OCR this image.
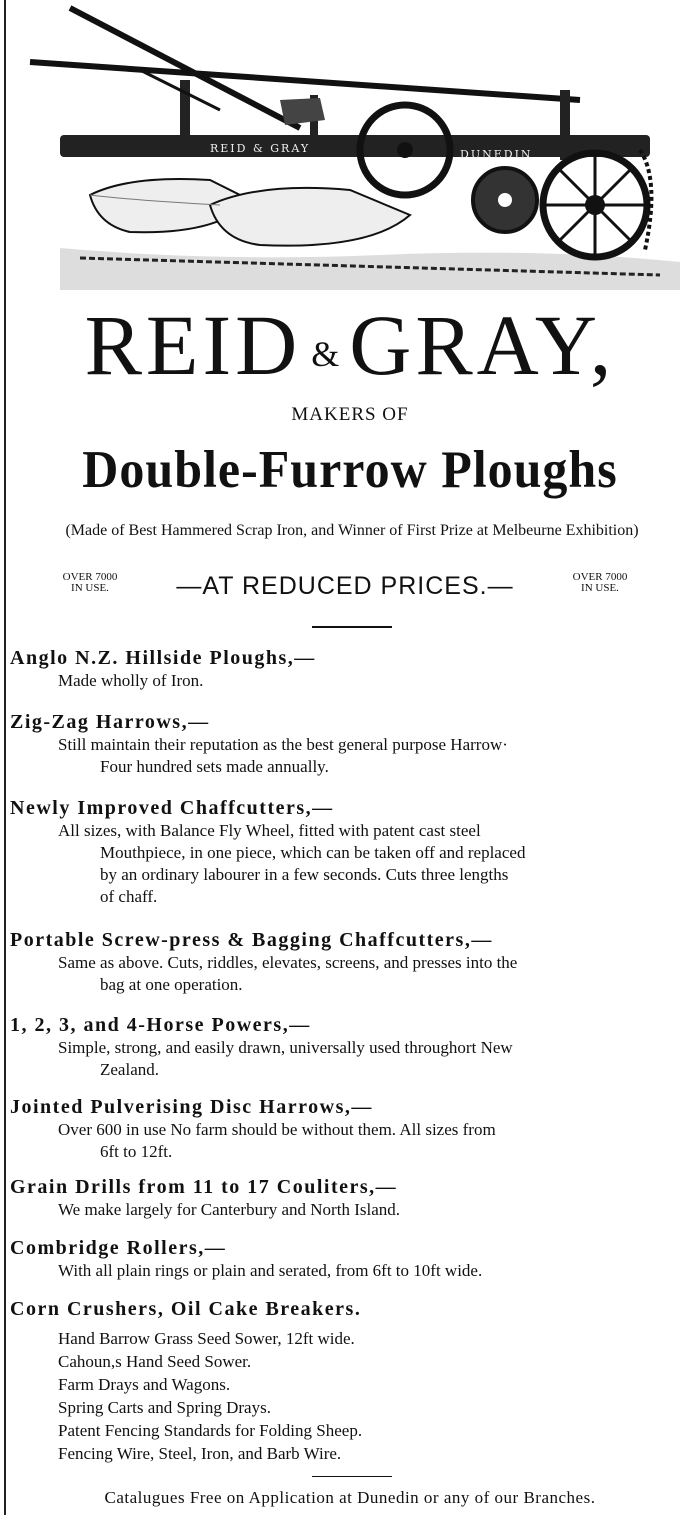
REID & GRAY	DUNEDIN
REID & GRAY,
MAKERS OF
Double-Furrow Ploughs
(Made of Best Hammered Scrap Iron, and Winner of First Prize at Melbeurne Exhibition)
OVER 7000
IN USE.	—AT REDUCED PRICES.—	OVER 7000
IN USE.
Anglo N.Z. Hillside Ploughs,—
Made wholly of Iron.
Zig-Zag Harrows,—
Still maintain their reputation as the best general purpose Harrow·
Four hundred sets made annually.
Newly Improved Chaffcutters,—
All sizes, with Balance Fly Wheel, fitted with patent cast steel
Mouthpiece, in one piece, which can be taken off and replaced
by an ordinary labourer in a few seconds. Cuts three lengths
of chaff.
Portable Screw-press & Bagging Chaffcutters,—
Same as above. Cuts, riddles, elevates, screens, and presses into the
bag at one operation.
1, 2, 3, and 4-Horse Powers,—
Simple, strong, and easily drawn, universally used throughort New
Zealand.
Jointed Pulverising Disc Harrows,—
Over 600 in use No farm should be without them. All sizes from
6ft to 12ft.
Grain Drills from 11 to 17 Couliters,—
We make largely for Canterbury and North Island.
Combridge Rollers,—
With all plain rings or plain and serated, from 6ft to 10ft wide.
Corn Crushers, Oil Cake Breakers.
Hand Barrow Grass Seed Sower, 12ft wide.
Cahoun,s Hand Seed Sower.
Farm Drays and Wagons.
Spring Carts and Spring Drays.
Patent Fencing Standards for Folding Sheep.
Fencing Wire, Steel, Iron, and Barb Wire.
Catalugues Free on Application at Dunedin or any of our Branches.
